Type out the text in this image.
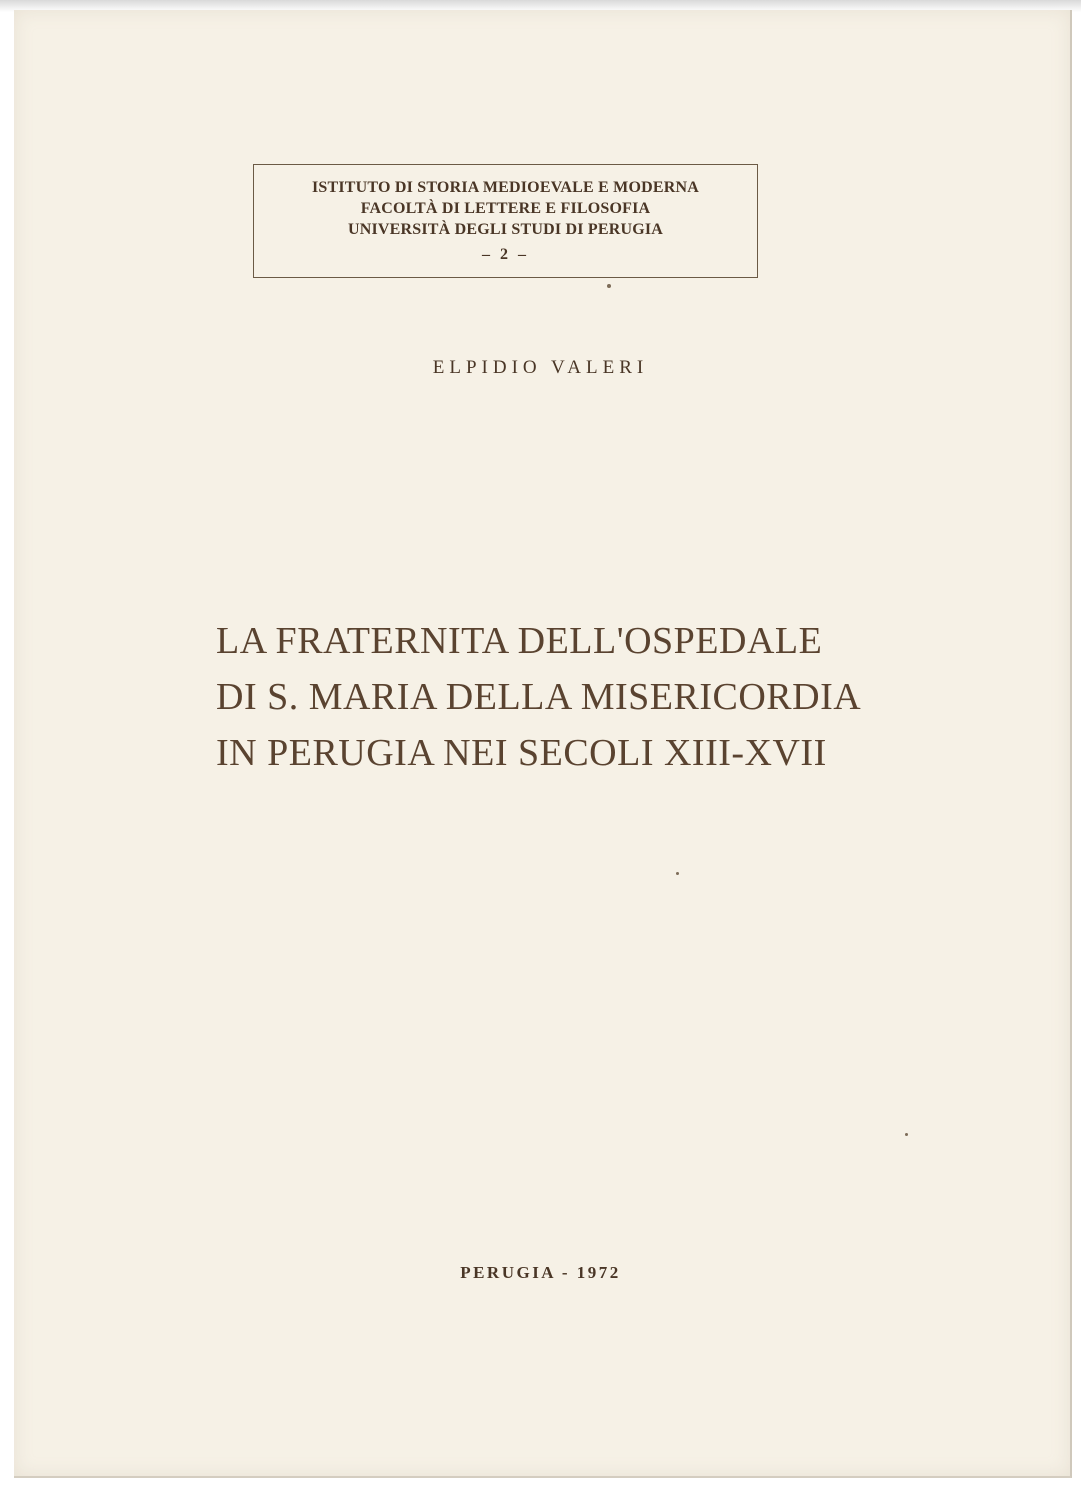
ISTITUTO DI STORIA MEDIOEVALE E MODERNA
FACOLTÀ DI LETTERE E FILOSOFIA
UNIVERSITÀ DEGLI STUDI DI PERUGIA
– 2 –
ELPIDIO VALERI
LA FRATERNITA DELL'OSPEDALE
DI S. MARIA DELLA MISERICORDIA
IN PERUGIA NEI SECOLI XIII-XVII
PERUGIA - 1972
